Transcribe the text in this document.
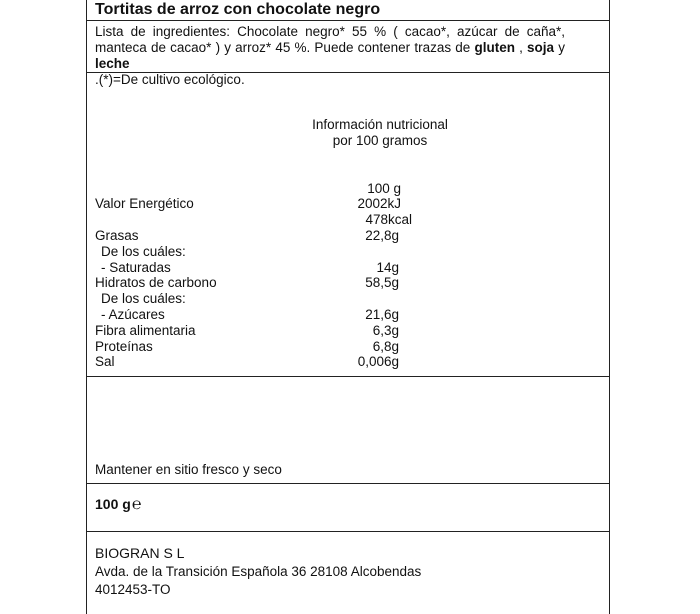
Tortitas de arroz con chocolate negro
Lista de ingredientes: Chocolate negro* 55 % ( cacao*, azúcar de caña*, manteca de cacao* ) y arroz* 45 %. Puede contener trazas de gluten , soja y leche
.(*)=De cultivo ecológico.
Información nutricional
por 100 gramos
100 g
Valor Energético	2002kJ
478kcal
Grasas	22,8g
De los cuáles:
- Saturadas	14g
Hidratos de carbono	58,5g
De los cuáles:
- Azúcares	21,6g
Fibra alimentaria	6,3g
Proteínas	6,8g
Sal	0,006g
Mantener en sitio fresco y seco
100 g℮
BIOGRAN S L
Avda. de la Transición Española 36 28108 Alcobendas
4012453-TO
